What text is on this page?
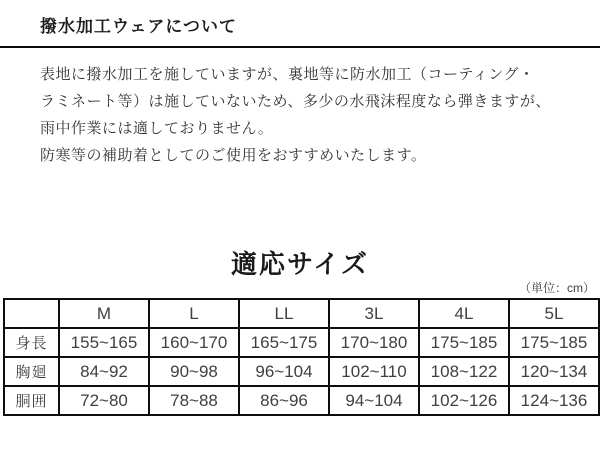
撥水加工ウェアについて
表地に撥水加工を施していますが、裏地等に防水加工（コーティング・
ラミネート等）は施していないため、多少の水飛沫程度なら弾きますが、
雨中作業には適しておりません。
防寒等の補助着としてのご使用をおすすめいたします。
適応サイズ
（単位：cm）
	M	L	LL	3L	4L	5L
身長	155~165	160~170	165~175	170~180	175~185	175~185
胸廻	84~92	90~98	96~104	102~110	108~122	120~134
胴囲	72~80	78~88	86~96	94~104	102~126	124~136
